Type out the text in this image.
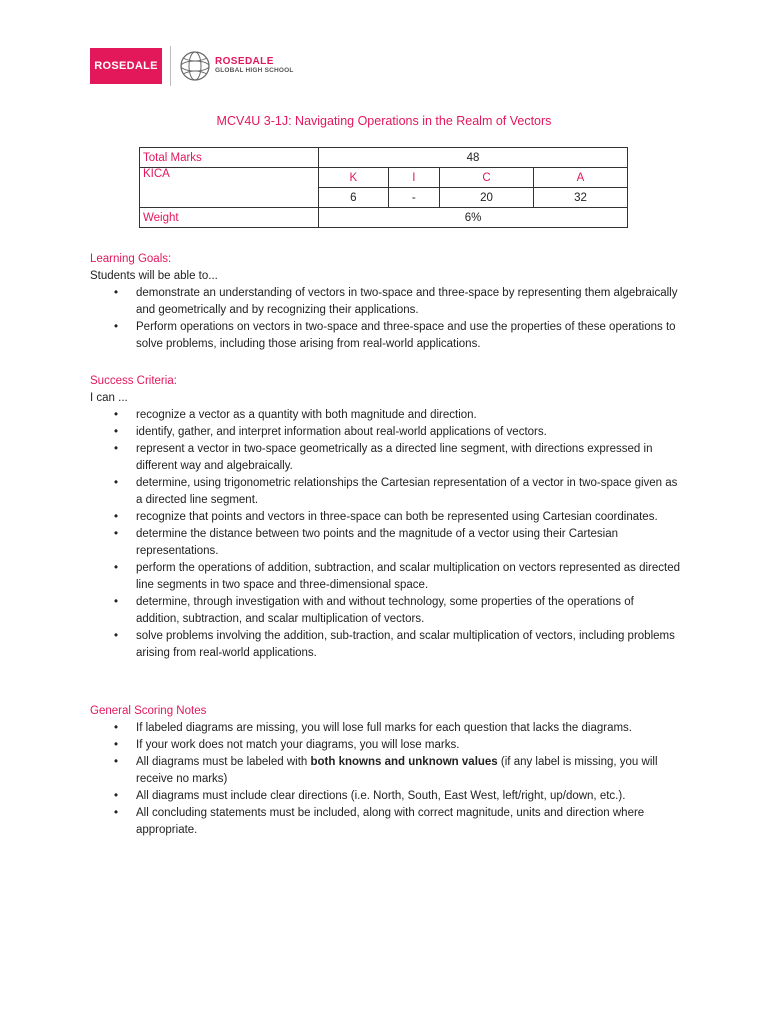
ROSEDALE	ROSEDALE
GLOBAL HIGH SCHOOL
MCV4U 3-1J: Navigating Operations in the Realm of Vectors
Total Marks	48			
KICA	K	I	C	A
	6	-	20	32
Weight	6%			
Learning Goals:
Students will be able to...
• demonstrate an understanding of vectors in two-space and three-space by representing them algebraically and geometrically and by recognizing their applications.
• Perform operations on vectors in two-space and three-space and use the properties of these operations to solve problems, including those arising from real-world applications.
Success Criteria:
I can ...
• recognize a vector as a quantity with both magnitude and direction.
• identify, gather, and interpret information about real-world applications of vectors.
• represent a vector in two-space geometrically as a directed line segment, with directions expressed in different way and algebraically.
• determine, using trigonometric relationships the Cartesian representation of a vector in two-space given as a directed line segment.
• recognize that points and vectors in three-space can both be represented using Cartesian coordinates.
• determine the distance between two points and the magnitude of a vector using their Cartesian representations.
• perform the operations of addition, subtraction, and scalar multiplication on vectors represented as directed line segments in two space and three-dimensional space.
• determine, through investigation with and without technology, some properties of the operations of addition, subtraction, and scalar multiplication of vectors.
• solve problems involving the addition, sub-traction, and scalar multiplication of vectors, including problems arising from real-world applications.
General Scoring Notes
• If labeled diagrams are missing, you will lose full marks for each question that lacks the diagrams.
• If your work does not match your diagrams, you will lose marks.
• All diagrams must be labeled with both knowns and unknown values (if any label is missing, you will receive no marks)
• All diagrams must include clear directions (i.e. North, South, East West, left/right, up/down, etc.).
• All concluding statements must be included, along with correct magnitude, units and direction where appropriate.
